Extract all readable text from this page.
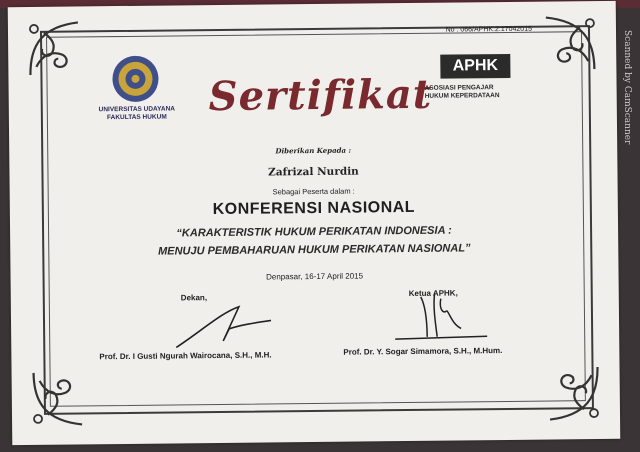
No : 066/APHK.2.17042015
UNIVERSITAS UDAYANA
FAKULTAS HUKUM	Sertifikat
APHK
ASOSIASI PENGAJAR
HUKUM KEPERDATAAN
Diberikan Kepada :
Zafrizal Nurdin
Sebagai Peserta dalam :
KONFERENSI NASIONAL
“KARAKTERISTIK HUKUM PERIKATAN INDONESIA :
MENUJU PEMBAHARUAN HUKUM PERIKATAN NASIONAL”
Denpasar, 16-17 April 2015
Dekan,
Prof. Dr. I Gusti Ngurah Wairocana, S.H., M.H.
Ketua APHK,
Prof. Dr. Y. Sogar Simamora, S.H., M.Hum.
Scanned by CamScanner
